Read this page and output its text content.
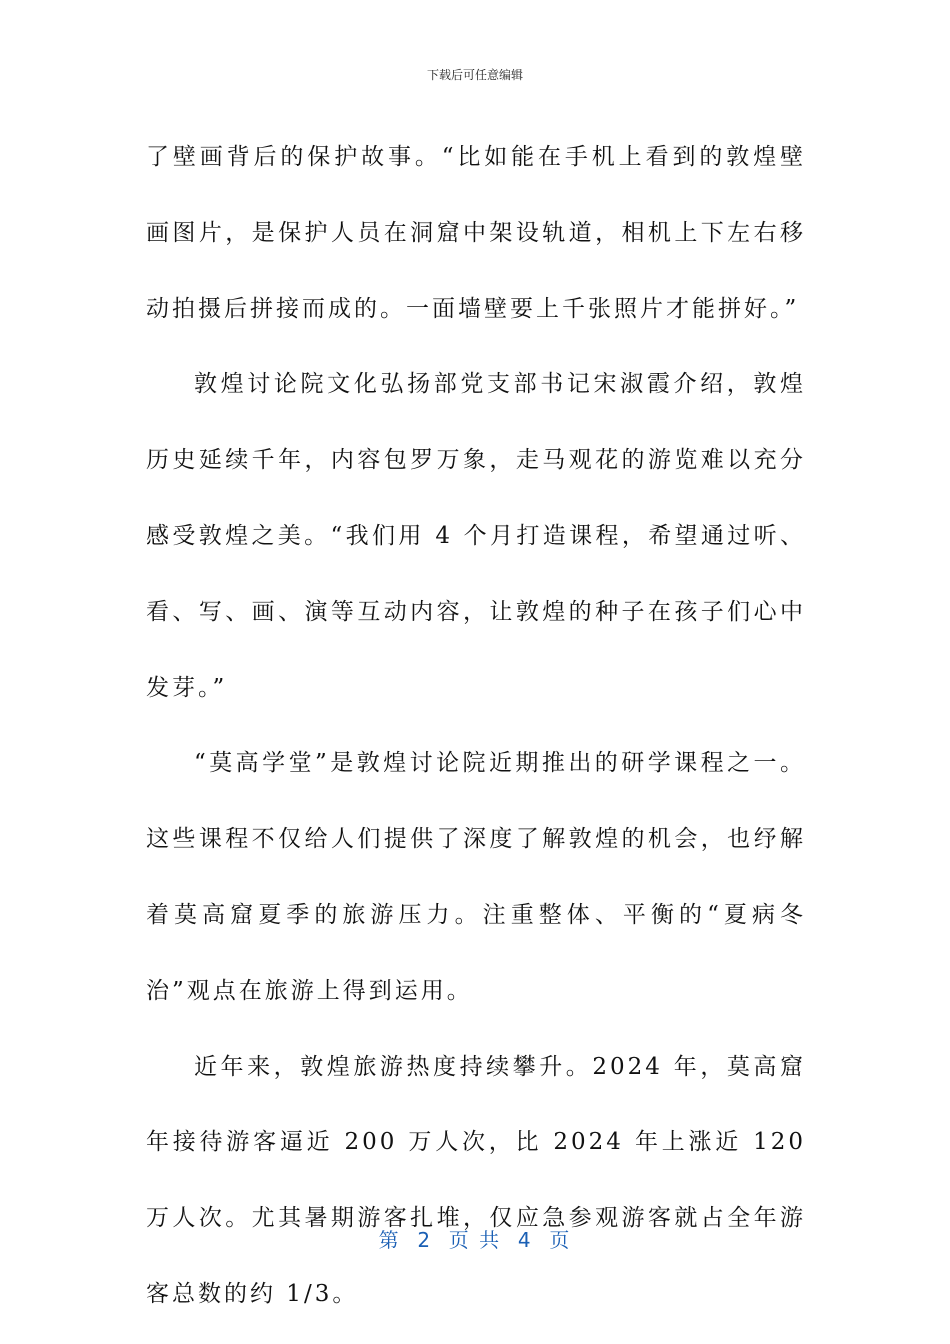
下载后可任意编辑

了壁画背后的保护故事。“比如能在手机上看到的敦煌壁画图片，是保护人员在洞窟中架设轨道，相机上下左右移动拍摄后拼接而成的。一面墙壁要上千张照片才能拼好。”

敦煌讨论院文化弘扬部党支部书记宋淑霞介绍，敦煌历史延续千年，内容包罗万象，走马观花的游览难以充分感受敦煌之美。“我们用 4 个月打造课程，希望通过听、看、写、画、演等互动内容，让敦煌的种子在孩子们心中发芽。”

“莫高学堂”是敦煌讨论院近期推出的研学课程之一。这些课程不仅给人们提供了深度了解敦煌的机会，也纾解着莫高窟夏季的旅游压力。注重整体、平衡的“夏病冬治”观点在旅游上得到运用。

近年来，敦煌旅游热度持续攀升。2024 年，莫高窟年接待游客逼近 200 万人次，比 2024 年上涨近 120 万人次。尤其暑期游客扎堆，仅应急参观游客就占全年游客总数的约 1/3。

第  2  页 共  4  页
